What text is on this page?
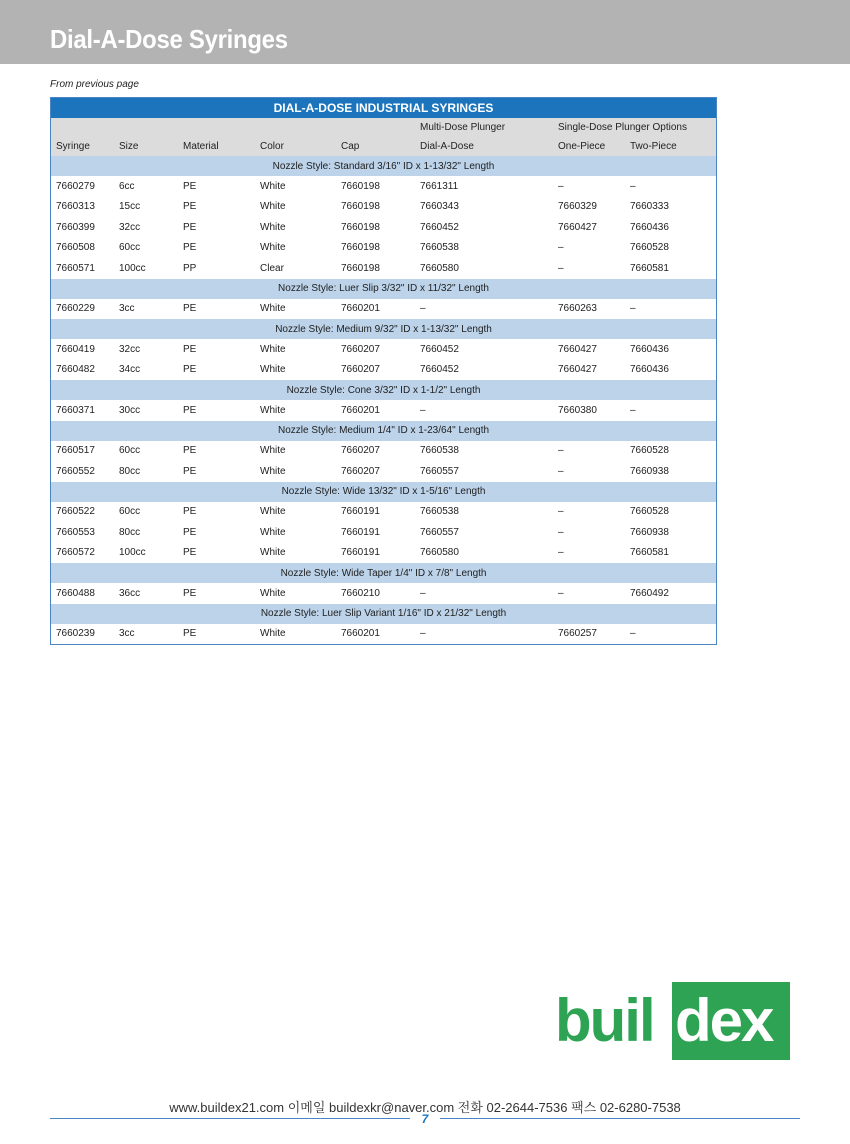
Dial-A-Dose Syringes
From previous page
DIAL-A-DOSE INDUSTRIAL SYRINGES							
					Multi-Dose Plunger	Single-Dose Plunger Options	
Syringe	Size	Material	Color	Cap	Dial-A-Dose	One-Piece	Two-Piece
Nozzle Style: Standard 3/16" ID x 1-13/32" Length							
7660279	6cc	PE	White	7660198	7661311	–	–
7660313	15cc	PE	White	7660198	7660343	7660329	7660333
7660399	32cc	PE	White	7660198	7660452	7660427	7660436
7660508	60cc	PE	White	7660198	7660538	–	7660528
7660571	100cc	PP	Clear	7660198	7660580	–	7660581
Nozzle Style: Luer Slip 3/32" ID x 11/32" Length							
7660229	3cc	PE	White	7660201	–	7660263	–
Nozzle Style: Medium 9/32" ID x 1-13/32" Length							
7660419	32cc	PE	White	7660207	7660452	7660427	7660436
7660482	34cc	PE	White	7660207	7660452	7660427	7660436
Nozzle Style: Cone 3/32" ID x 1-1/2" Length							
7660371	30cc	PE	White	7660201	–	7660380	–
Nozzle Style: Medium 1/4" ID x 1-23/64" Length							
7660517	60cc	PE	White	7660207	7660538	–	7660528
7660552	80cc	PE	White	7660207	7660557	–	7660938
Nozzle Style: Wide 13/32" ID x 1-5/16" Length							
7660522	60cc	PE	White	7660191	7660538	–	7660528
7660553	80cc	PE	White	7660191	7660557	–	7660938
7660572	100cc	PE	White	7660191	7660580	–	7660581
Nozzle Style: Wide Taper 1/4" ID x 7/8" Length							
7660488	36cc	PE	White	7660210	–	–	7660492
Nozzle Style: Luer Slip Variant 1/16" ID x 21/32" Length							
7660239	3cc	PE	White	7660201	–	7660257	–
buil dex
www.buildex21.com 이메일 buildexkr@naver.com 전화 02-2644-7536 팩스 02-6280-7538
7
